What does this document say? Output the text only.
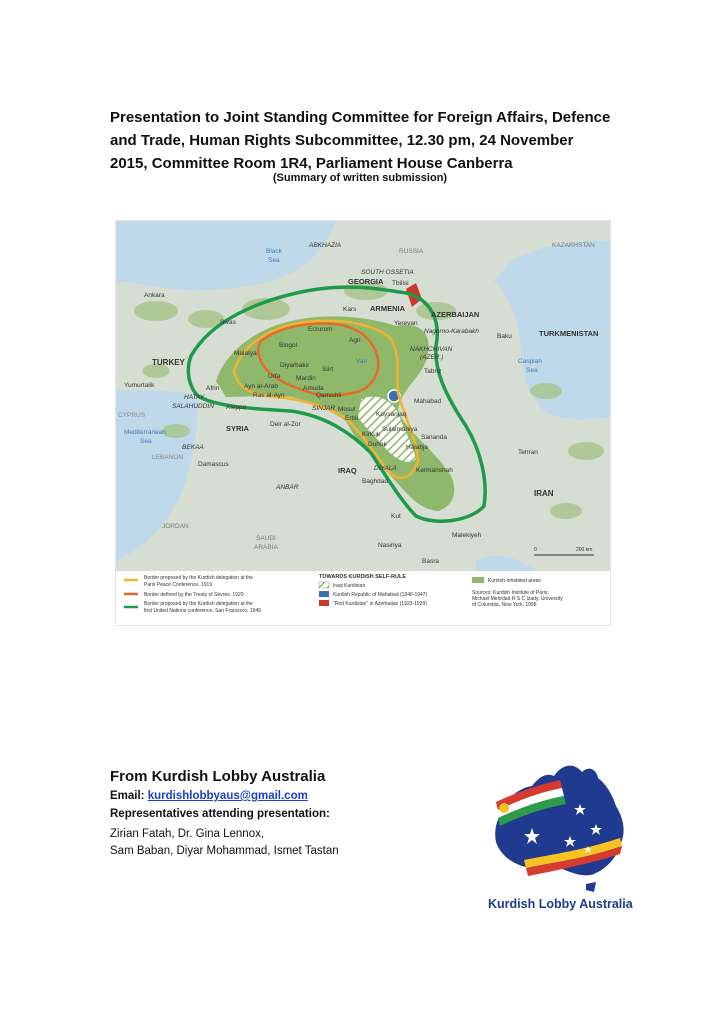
Presentation to Joint Standing Committee for Foreign Affairs, Defence
and Trade, Human Rights Subcommittee, 12.30 pm, 24 November
2015, Committee Room 1R4, Parliament House Canberra
(Summary of written submission)
Black
Sea
ABKHAZIA
RUSSIA
KAZAKHSTAN
SOUTH OSSETIA
GEORGIA Tbilisi
Ankara
Kars ARMENIA
AZERBAIJAN
Sivas	Yerevan
Nagorno-Karabakh
Baku	TURKMENISTAN
Erzurum
Agri
Bingol
NAKHCHIVAN
(AZER.)
Malatya
Van	Caspian
Sea
TURKEY	Diyarbakir
Siirt	Tabriz
Urfa Mardin
Yumurtalik	Afrin	Ayn al-Arab	Amuda
Qamishli
HATAY	Ras al-Ayn
SALAHUDDIN Aleppo	SINJAR Mosul
Erbil
Koysanjaq
Mahabad
CYPRUS
SYRIA	Deir al-Zor
Kirkuk
Sulaimaniya
Sananda
Mediterranean
Sea
BEKAA	Duhok	Halabja
LEBANON
Tehran
Damascus
IRAQ	DIYALA	Kermanshah
ANBAR
Baghdad
IRAN
JORDAN
Kut
SAUDI
ARABIA
Malekiyeh
Nasiriya
Basra
0	200 km
Border proposed by the Kurdish delegation at the
Paris Peace Conference, 1919
Border defined by the Treaty of Sèvres, 1920
Border proposed by the Kurdish delegation at the
first United Nations conference, San Francisco, 1945
TOWARDS KURDISH SELF-RULE
Iraqi Kurdistan
Kurdish Republic of Mahabad (1946-1947)
"Red Kurdistan" in Azerbaijan (1923-1929)
Kurdish-inhabited areas
Sources: Kurdish Institute of Paris;
Michael Mehrdad R S C Izady, University
of Columbia, New York, 1998
From Kurdish Lobby Australia
Email: kurdishlobbyaus@gmail.com
Representatives attending presentation:
Zirian Fatah, Dr. Gina Lennox,
Sam Baban, Diyar Mohammad, Ismet Tastan
Kurdish Lobby Australia
